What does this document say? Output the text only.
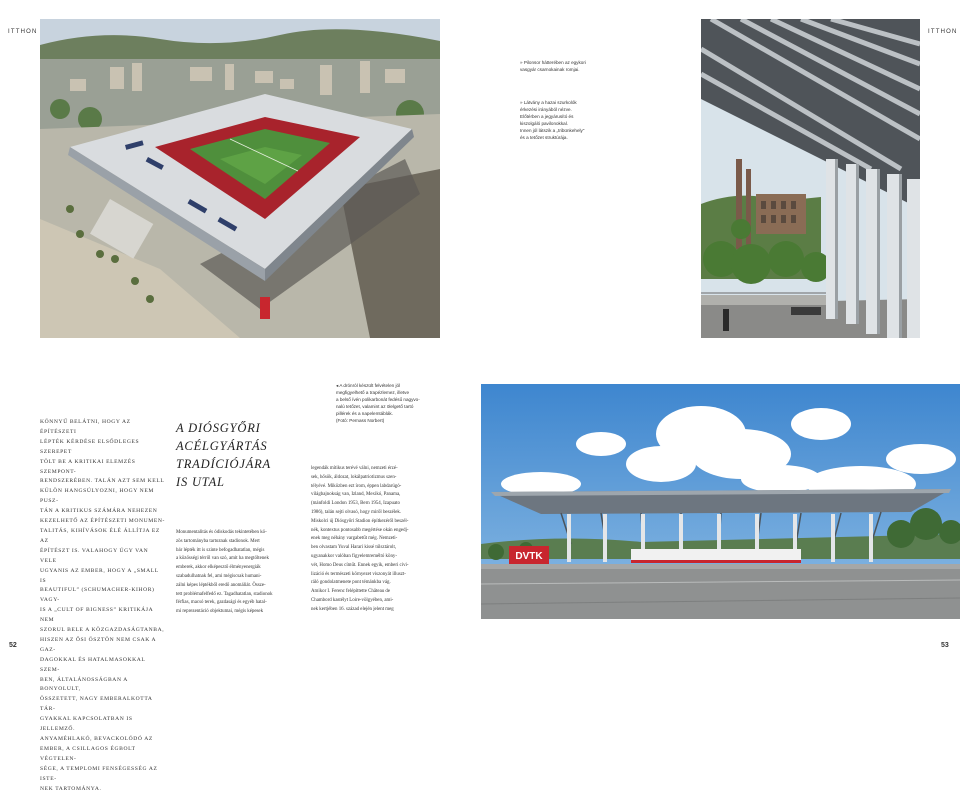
ITTHON
KÖNNYŰ BELÁTNI, HOGY AZ ÉPÍTÉSZETI
LÉPTÉK KÉRDÉSE ELSŐDLEGES SZEREPET
TÖLT BE A KRITIKAI ELEMZÉS SZEMPONT-
RENDSZERÉBEN. TALÁN AZT SEM KELL
KÜLÖN HANGSÚLYOZNI, HOGY NEM PUSZ-
TÁN A KRITIKUS SZÁMÁRA NEHEZEN
KEZELHETŐ AZ ÉPÍTÉSZETI MONUMEN-
TALITÁS, KIHÍVÁSOK ÉLÉ ÁLLÍTJA EZ AZ
ÉPÍTÉSZT IS. VALAHOGY ÚGY VAN VELE
UGYANIS AZ EMBER, HOGY A „SMALL IS
BEAUTIFUL” (SCHUMACHER-KIHOR) VAGY-
IS A „CULT OF BIGNESS” KRITIKÁJA NEM
SZORUL BELE A KÖZGAZDASÁGTANBA,
HISZEN AZ ŐSI ÖSZTÖN NEM CSAK A GAZ-
DAGOKKAL ÉS HATALMASOKKAL SZEM-
BEN, ÁLTALÁNOSSÁGBAN A BONYOLULT,
ÖSSZETETT, NAGY EMBERALKOTTA TÁR-
GYAKKAL KAPCSOLATBAN IS JELLEMZŐ.
ANYAMÉHLAKÓ, BEVACKOLÓDÓ AZ
EMBER, A CSILLAGOS ÉGBOLT VÉGTELEN-
SÉGE, A TEMPLOMI FENSÉGESSÉG AZ ISTE-
NEK TARTOMÁNYA.
A DIÓSGYŐRI
ACÉLGYÁRTÁS
TRADÍCIÓJÁRA
IS UTAL
Monumentalitás és ódiskodás tekintetében kö-
zös tartományba tartoznak stadionok. Mert
bár lépték itt is szinte befogadhatatlan, mégis
a közösségi térről van szó, amit ha megtöltenek
emberek, akkor elképesztő élményenergiák
szabadulhatnak fel, ami mégiscsak humani-
zálni képes léptékből eredő anomáliát. Össze-
tett problémafelfedő ez. Tagadhatatlan, stadionok
férfias, macsó terek, gazdasági és egyéb hatal-
mi reprezentáció objektumai, mégis képesek
52
ITTHON
» Pilonsor hátterében az egykori
vasgyár csarnokainak romjai.
» Látvány a hazai szurkolók
érkezési irányából nézve.
Előtérben a jegyárusító és
kiszolgáló pavilonokkal.
Innen jól látszik a „tribünkehely”
és a tetőzet struktúrája.
◂ A drónról készült felvételen jól
megfigyelhető a trapézlemez, illetve
a belső ívén polikarbonát fedésű nagyvo-
nalú tetőzet, valamint az ölelgető tartó
pillérek és a napelemtáblák.
(Fotó: Pernass Norbert)
legendák mítikus terévé válni, nemzeti érzé-
sek, hősök, áldozat, lokálpatriotizmus szen-
télyévé. Miközben ezt írom, éppen labdarúgó-
világbajnokság van, Izland, Mexikó, Panama,
(mánfoldi London 1953, Bern 1954, Izapuato
1986), talán sejti olvasó, hogy miről beszélek.
Miskolci új Diósgyőri Stadion építkezéről beszél-
nék, kontextus pontosabb megértése okán engedj-
enek meg néhány vargabetűt még. Nemzeti-
ben olvastam Yuval Harari kissé túlsztárolt,
ugyanakkor valóban figyelemreméltó köny-
vét, Homo Deus címűt. Ennek egyik, emberi civi-
lizáció és természeti környezet viszonyát illuszt-
ráló gondolatmenete pont témánkba vág.
Amikor I. Ferenc felépíttette Château de
Chambord kastélyt Loire-völgyében, ami-
nek kertjében 16. század elején jelent meg
DVTK
53
